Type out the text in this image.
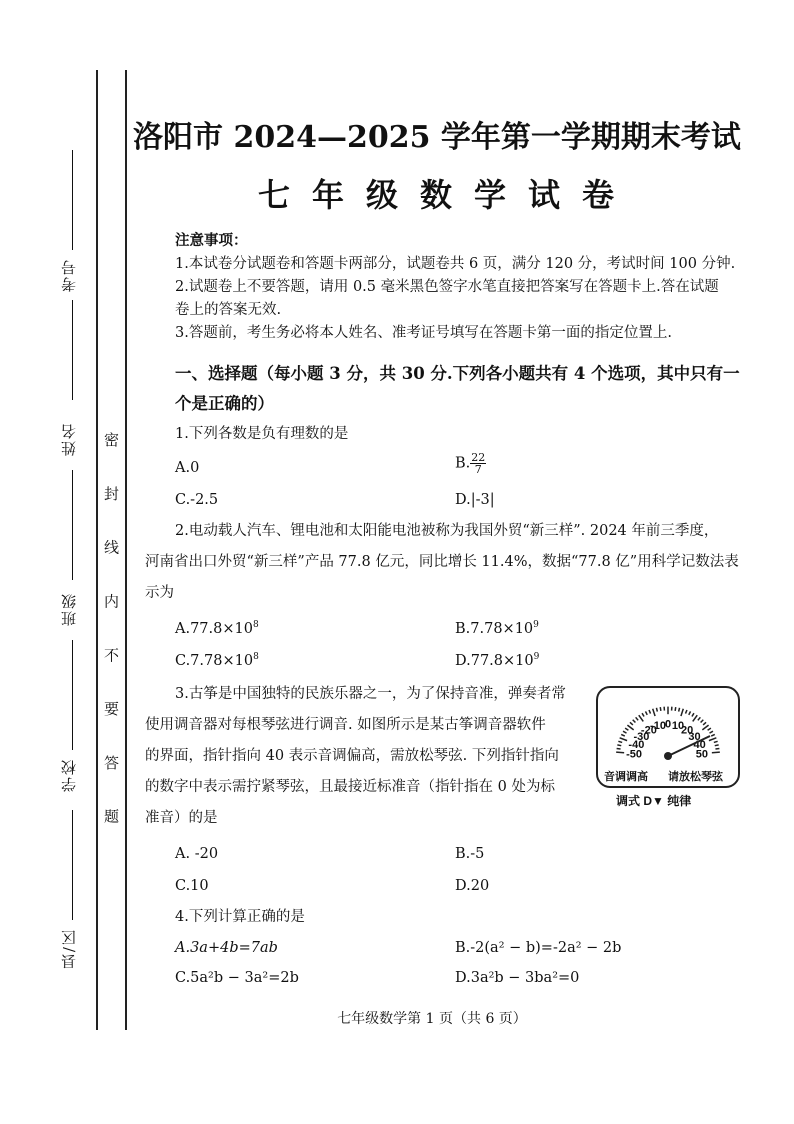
考号
姓名
班级
学校
县/区
密 封 线 内 不 要 答 题
洛阳市 2024—2025 学年第一学期期末考试
七年级数学试卷
注意事项：
1.本试卷分试题卷和答题卡两部分，试题卷共 6 页，满分 120 分，考试时间 100 分钟.
2.试题卷上不要答题，请用 0.5 毫米黑色签字水笔直接把答案写在答题卡上.答在试题
卷上的答案无效.
3.答题前，考生务必将本人姓名、准考证号填写在答题卡第一面的指定位置上.
一、选择题（每小题 3 分，共 30 分.下列各小题共有 4 个选项，其中只有一
个是正确的）
1.下列各数是负有理数的是
A.0	B. $\frac{22}{7}$
C.-2.5	D.|-3|
2.电动载人汽车、锂电池和太阳能电池被称为我国外贸“新三样”. 2024 年前三季度，
河南省出口外贸“新三样”产品 77.8 亿元，同比增长 11.4%，数据“77.8 亿”用科学记数法表
示为
$A.77.8\times 10^8$	$B.7.78\times 10^9$
$C.7.78\times 10^8$	$D.77.8\times 10^9$
3.古筝是中国独特的民族乐器之一，为了保持音准，弹奏者常
使用调音器对每根琴弦进行调音. 如图所示是某古筝调音器软件
的界面，指针指向 40 表示音调偏高，需放松琴弦. 下列指针指向
的数字中表示需拧紧琴弦，且最接近标准音（指针指在 0 处为标
准音）的是
-50
-40
-30
-20
-10
0 10
20
30
40
50
音调调高 请放松琴弦
调式 D▼ 纯律
A. -20	B.-5
C.10	D.20
4.下列计算正确的是
A.3a+4b=7ab	B.-2(a² − b)=-2a² − 2b
C.5a²b − 3a²=2b	D.3a²b − 3ba²=0
七年级数学第 1 页（共 6 页）
